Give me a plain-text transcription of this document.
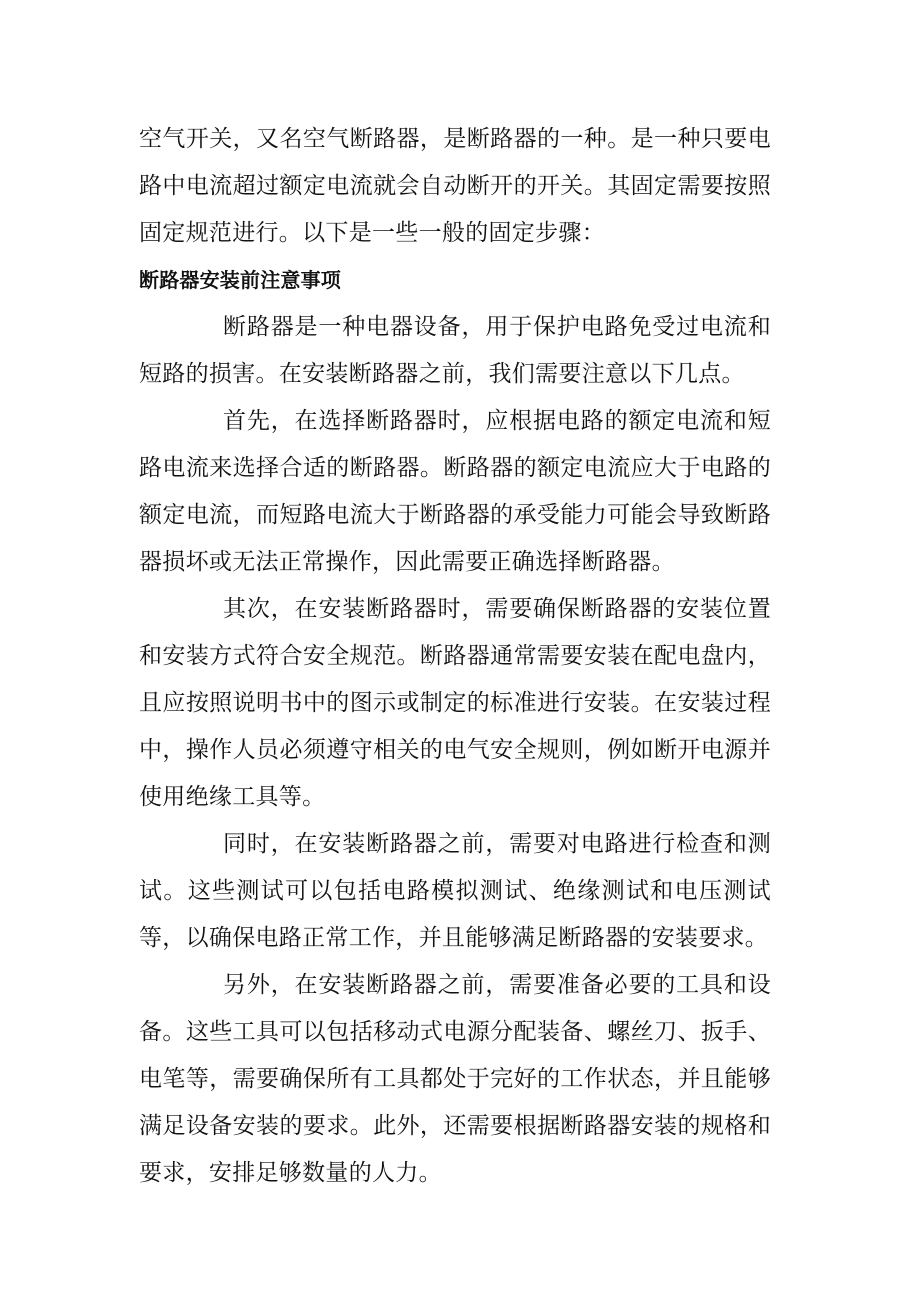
空气开关，又名空气断路器，是断路器的一种。是一种只要电路中电流超过额定电流就会自动断开的开关。其固定需要按照固定规范进行。以下是一些一般的固定步骤：

断路器安装前注意事项

断路器是一种电器设备，用于保护电路免受过电流和短路的损害。在安装断路器之前，我们需要注意以下几点。

首先，在选择断路器时，应根据电路的额定电流和短路电流来选择合适的断路器。断路器的额定电流应大于电路的额定电流，而短路电流大于断路器的承受能力可能会导致断路器损坏或无法正常操作，因此需要正确选择断路器。

其次，在安装断路器时，需要确保断路器的安装位置和安装方式符合安全规范。断路器通常需要安装在配电盘内，且应按照说明书中的图示或制定的标准进行安装。在安装过程中，操作人员必须遵守相关的电气安全规则，例如断开电源并使用绝缘工具等。

同时，在安装断路器之前，需要对电路进行检查和测试。这些测试可以包括电路模拟测试、绝缘测试和电压测试等，以确保电路正常工作，并且能够满足断路器的安装要求。

另外，在安装断路器之前，需要准备必要的工具和设备。这些工具可以包括移动式电源分配装备、螺丝刀、扳手、电笔等，需要确保所有工具都处于完好的工作状态，并且能够满足设备安装的要求。此外，还需要根据断路器安装的规格和要求，安排足够数量的人力。
